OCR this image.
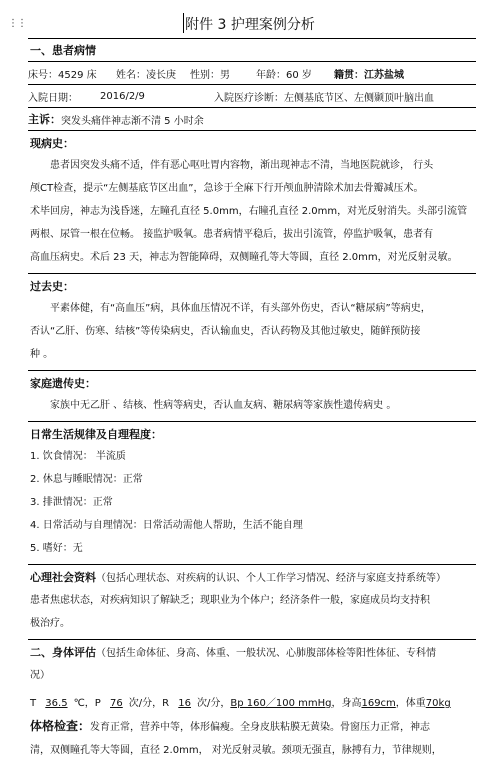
⋮⋮	附件 3 护理案例分析
一、患者病情
床号：4529 床	姓名：凌长庚	性别：男	年龄：60 岁	籍贯：江苏盐城
入院日期：	2016/2/9	入院医疗诊断：左侧基底节区、左侧颞顶叶脑出血
主诉： 突发头痛伴神志渐不清 5 小时余
现病史：
患者因突发头痛不适，伴有恶心呕吐胃内容物，渐出现神志不清，当地医院就诊， 行头
颅CT检查，提示“左侧基底节区出血”，急诊于全麻下行开颅血肿清除术加去骨瓣减压术。
术毕回房，神志为浅昏迷，左瞳孔直径 5.0mm，右瞳孔直径 2.0mm，对光反射消失。头部引流管
两根、尿管一根在位畅。 接监护吸氧。患者病情平稳后，拔出引流管，停监护吸氧，患者有
高血压病史。术后 23 天，神志为智能障碍，双侧瞳孔等大等圆，直径 2.0mm，对光反射灵敏。
过去史：
平素体健，有“高血压”病，具体血压情况不详，有头部外伤史，否认“糖尿病”等病史，
否认“乙肝、伤寒、结核”等传染病史，否认输血史，否认药物及其他过敏史，随鲜预防接
种 。
家庭遗传史：
家族中无乙肝 、结核、性病等病史，否认血友病、糖尿病等家族性遗传病史 。
日常生活规律及自理程度：
1. 饮食情况： 半流质
2. 休息与睡眠情况：正常
3. 排泄情况：正常
4. 日常活动与自理情况：日常活动需他人帮助，生活不能自理
5. 嗜好：无
心理社会资料（包括心理状态、对疾病的认识、个人工作学习情况、经济与家庭支持系统等）
患者焦虑状态，对疾病知识了解缺乏；现职业为个体户；经济条件一般，家庭成员均支持积
极治疗。
二、身体评估（包括生命体征、身高、体重、一般状况、心肺腹部体检等阳性体征、专科情
况）
T 36.5 ℃，P 76 次/分，R 16 次/分，Bp 160／100 mmHg，身高169cm，体重70kg
体格检查：发育正常，营养中等，体形偏瘦。全身皮肤粘膜无黄染。骨窗压力正常，神志
清，双侧瞳孔等大等圆，直径 2.0mm， 对光反射灵敏。颈项无强直，脉搏有力，节律规则，
